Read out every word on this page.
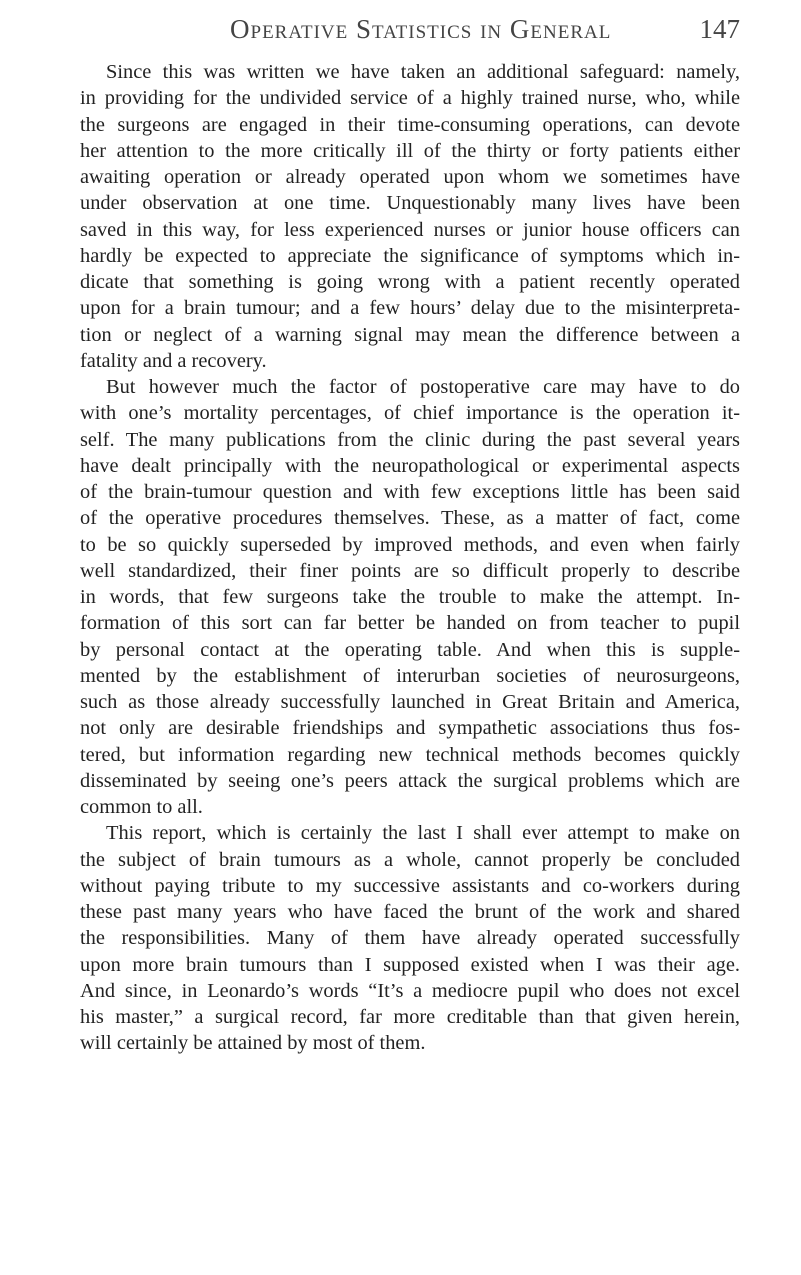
Operative Statistics in General	147
Since this was written we have taken an additional safeguard: namely,
in providing for the undivided service of a highly trained nurse, who, while
the surgeons are engaged in their time-consuming operations, can devote
her attention to the more critically ill of the thirty or forty patients either
awaiting operation or already operated upon whom we sometimes have
under observation at one time. Unquestionably many lives have been
saved in this way, for less experienced nurses or junior house officers can
hardly be expected to appreciate the significance of symptoms which in-
dicate that something is going wrong with a patient recently operated
upon for a brain tumour; and a few hours’ delay due to the misinterpreta-
tion or neglect of a warning signal may mean the difference between a
fatality and a recovery.
But however much the factor of postoperative care may have to do
with one’s mortality percentages, of chief importance is the operation it-
self. The many publications from the clinic during the past several years
have dealt principally with the neuropathological or experimental aspects
of the brain-tumour question and with few exceptions little has been said
of the operative procedures themselves. These, as a matter of fact, come
to be so quickly superseded by improved methods, and even when fairly
well standardized, their finer points are so difficult properly to describe
in words, that few surgeons take the trouble to make the attempt. In-
formation of this sort can far better be handed on from teacher to pupil
by personal contact at the operating table. And when this is supple-
mented by the establishment of interurban societies of neurosurgeons,
such as those already successfully launched in Great Britain and America,
not only are desirable friendships and sympathetic associations thus fos-
tered, but information regarding new technical methods becomes quickly
disseminated by seeing one’s peers attack the surgical problems which are
common to all.
This report, which is certainly the last I shall ever attempt to make on
the subject of brain tumours as a whole, cannot properly be concluded
without paying tribute to my successive assistants and co-workers during
these past many years who have faced the brunt of the work and shared
the responsibilities. Many of them have already operated successfully
upon more brain tumours than I supposed existed when I was their age.
And since, in Leonardo’s words “It’s a mediocre pupil who does not excel
his master,” a surgical record, far more creditable than that given herein,
will certainly be attained by most of them.
